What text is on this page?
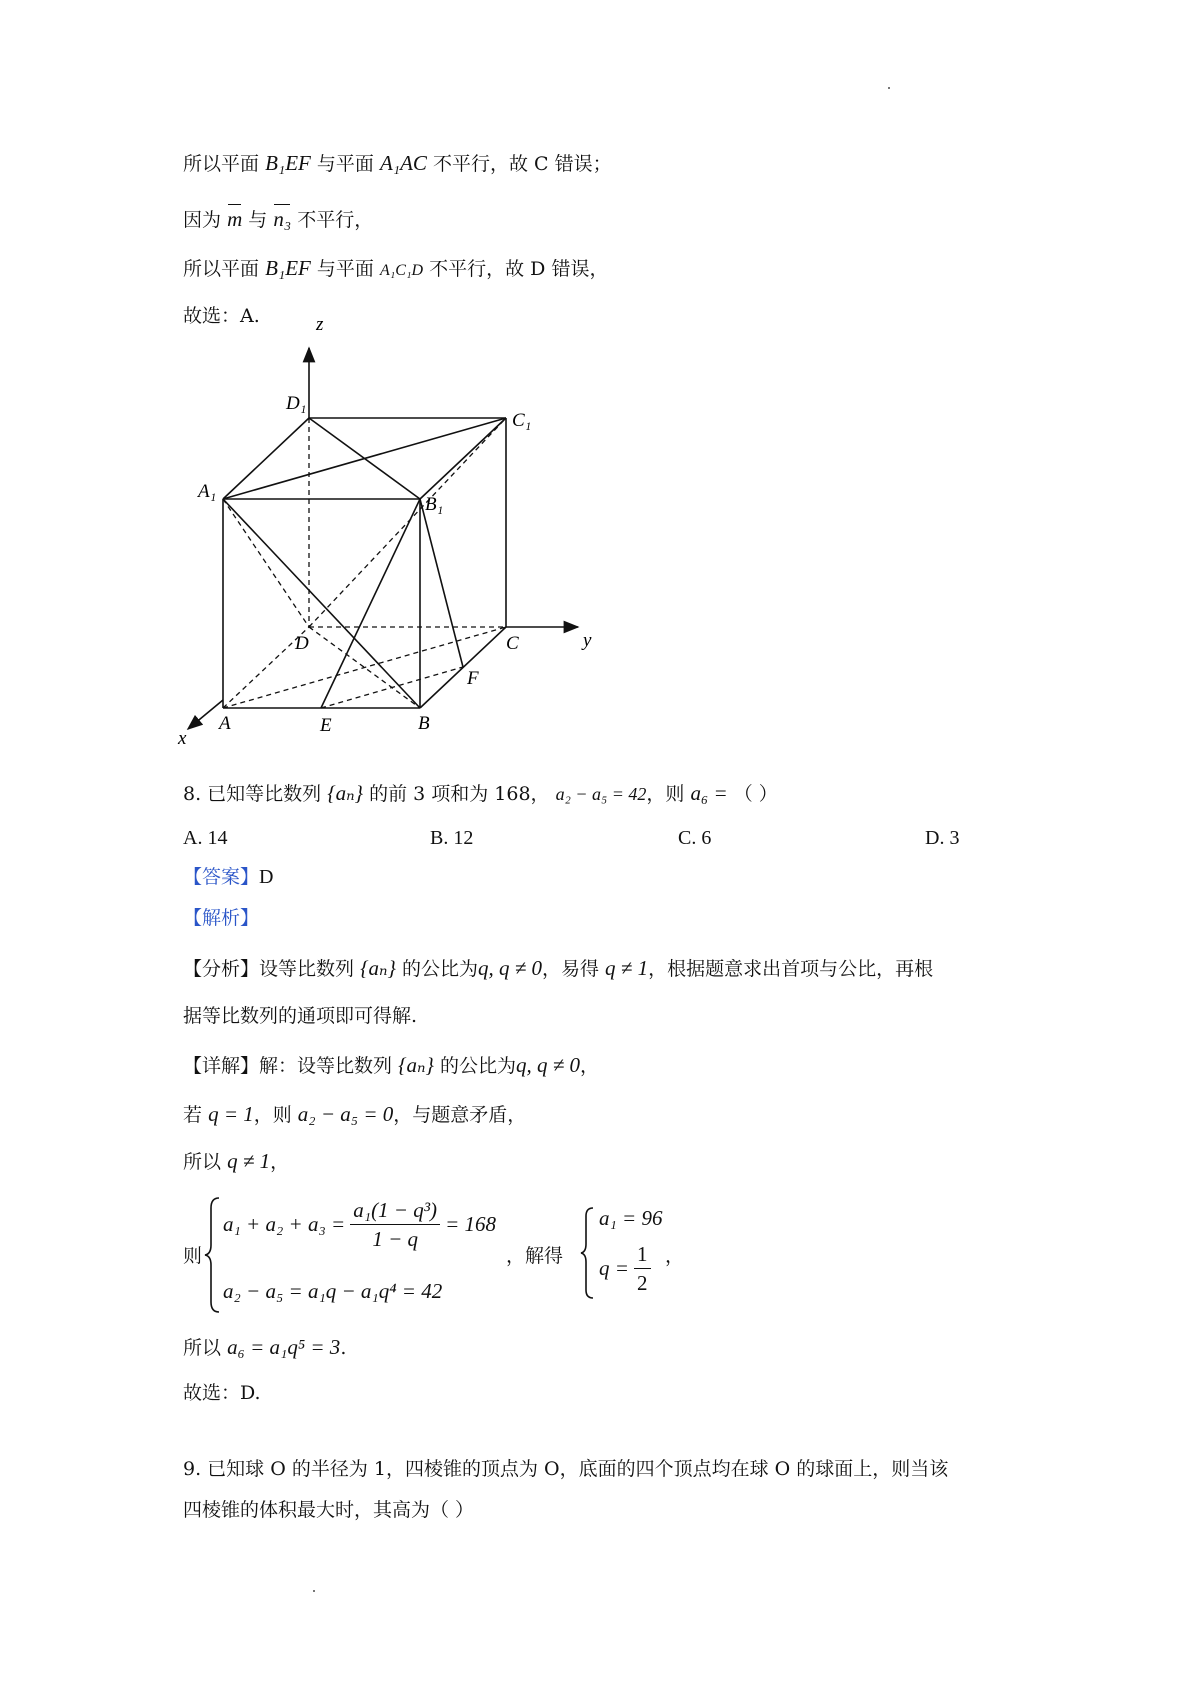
所以平面 B₁EF 与平面 A₁AC 不平行，故 C 错误；
因为 m 与 n₃ 不平行，
所以平面 B₁EF 与平面 A₁C₁D 不平行，故 D 错误，
故选：A.	z
y
x
D₁
C₁
A₁
B₁
D	C
F
A	E	B
8. 已知等比数列 {aₙ} 的前 3 项和为 168， a₂ − a₅ = 42，则 a₆ = （ ）
A. 14	B. 12	C. 6	D. 3
【答案】D
【解析】
【分析】设等比数列 {aₙ} 的公比为q, q ≠ 0，易得 q ≠ 1，根据题意求出首项与公比，再根
据等比数列的通项即可得解.
【详解】解：设等比数列 {aₙ} 的公比为q, q ≠ 0，
若 q = 1，则 a₂ − a₅ = 0，与题意矛盾，
所以 q ≠ 1，
则
$a_1 + a_2 + a_3 = \frac{\text{a₁(1 − q³)}}{1 - q} = 168$
a₂ − a₅ = a₁q − a₁q⁴ = 42
，解得
a₁ = 96
$q = \frac{1}{2}$ ，
所以 a₆ = a₁q⁵ = 3.
故选：D.
9. 已知球 O 的半径为 1，四棱锥的顶点为 O，底面的四个顶点均在球 O 的球面上，则当该
四棱锥的体积最大时，其高为（ ）
